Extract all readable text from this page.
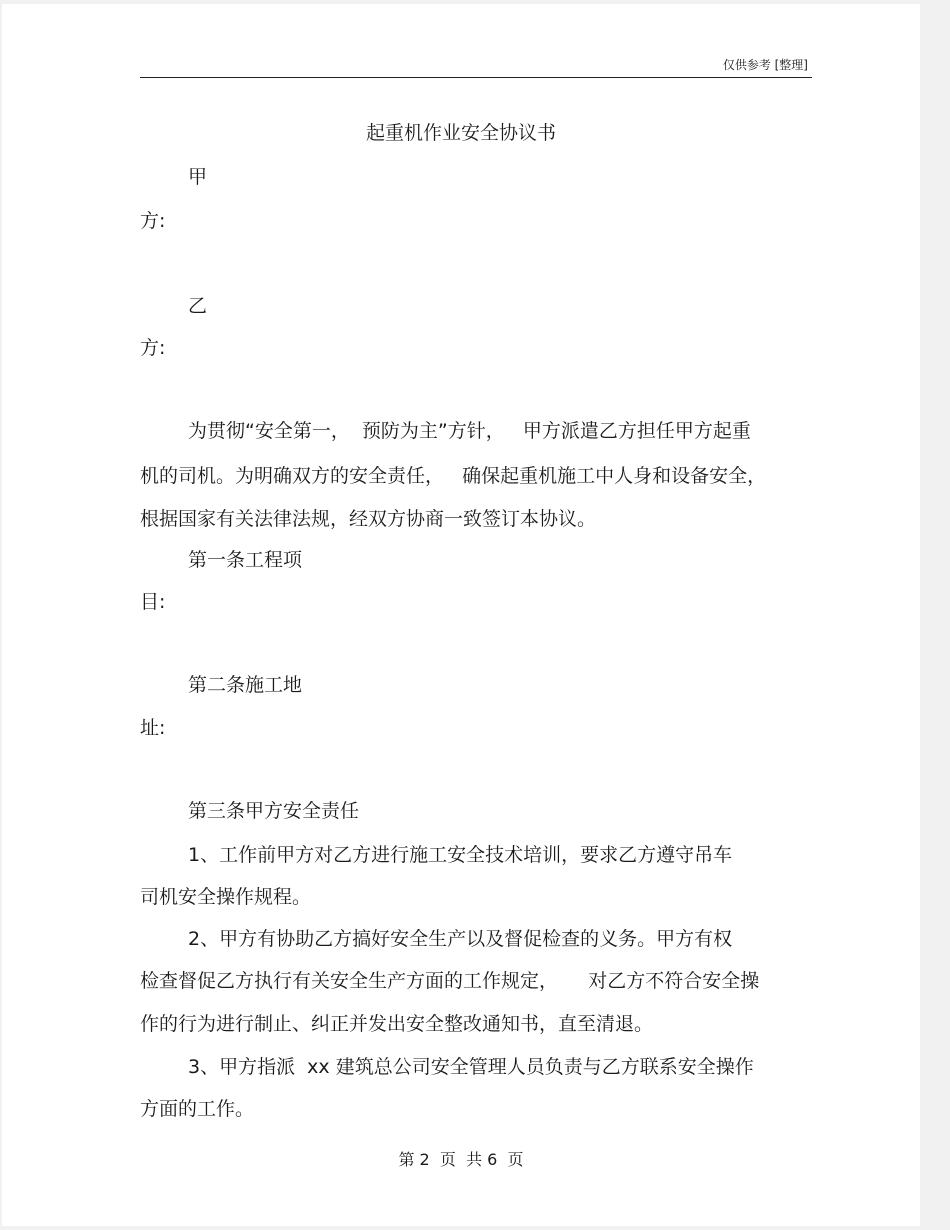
仅供参考 [整理]
起重机作业安全协议书
甲
方:
乙
方:
为贯彻“安全第一，  预防为主”方针，   甲方派遣乙方担任甲方起重
机的司机。为明确双方的安全责任，   确保起重机施工中人身和设备安全，
根据国家有关法律法规，经双方协商一致签订本协议。
第一条工程项
目:
第二条施工地
址:
第三条甲方安全责任
1、工作前甲方对乙方进行施工安全技术培训，要求乙方遵守吊车
司机安全操作规程。
2、甲方有协助乙方搞好安全生产以及督促检查的义务。甲方有权
检查督促乙方执行有关安全生产方面的工作规定，     对乙方不符合安全操
作的行为进行制止、纠正并发出安全整改通知书，直至清退。
3、甲方指派  xx 建筑总公司安全管理人员负责与乙方联系安全操作
方面的工作。
第 2  页  共 6  页
